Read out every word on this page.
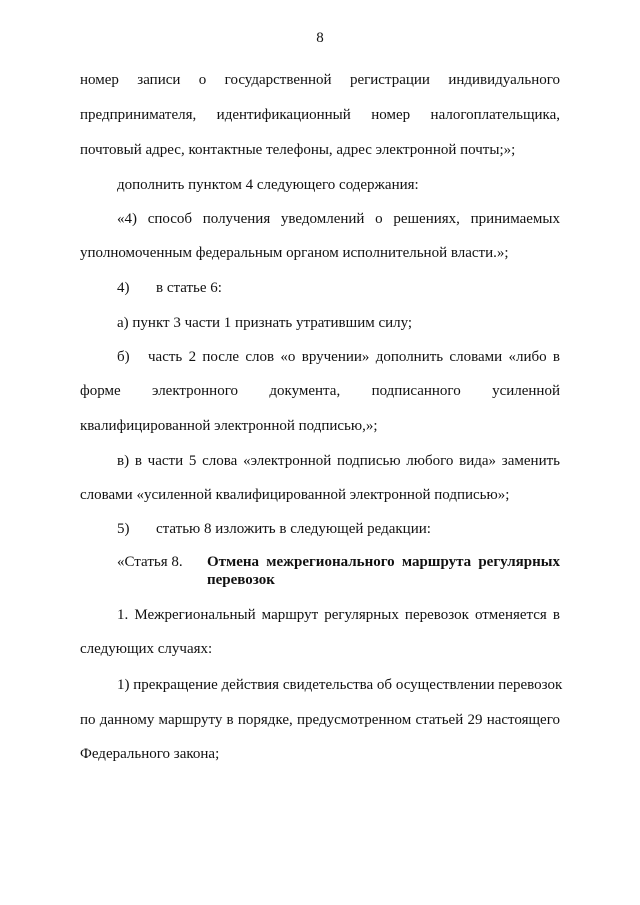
8
номер записи о государственной регистрации индивидуального
предпринимателя, идентификационный номер налогоплательщика,
почтовый адрес, контактные телефоны, адрес электронной почты;»;
дополнить пунктом 4 следующего содержания:
«4) способ получения уведомлений о решениях, принимаемых
уполномоченным федеральным органом исполнительной власти.»;
4) в статье 6:
а) пункт 3 части 1 признать утратившим силу;
б) часть 2 после слов «о вручении» дополнить словами «либо в
форме электронного документа, подписанного усиленной
квалифицированной электронной подписью,»;
в) в части 5 слова «электронной подписью любого вида» заменить
словами «усиленной квалифицированной электронной подписью»;
5) статью 8 изложить в следующей редакции:
«Статья 8. Отмена межрегионального маршрута регулярных
перевозок
1. Межрегиональный маршрут регулярных перевозок отменяется в
следующих случаях:
1) прекращение действия свидетельства об осуществлении перевозок
по данному маршруту в порядке, предусмотренном статьей 29 настоящего
Федерального закона;
